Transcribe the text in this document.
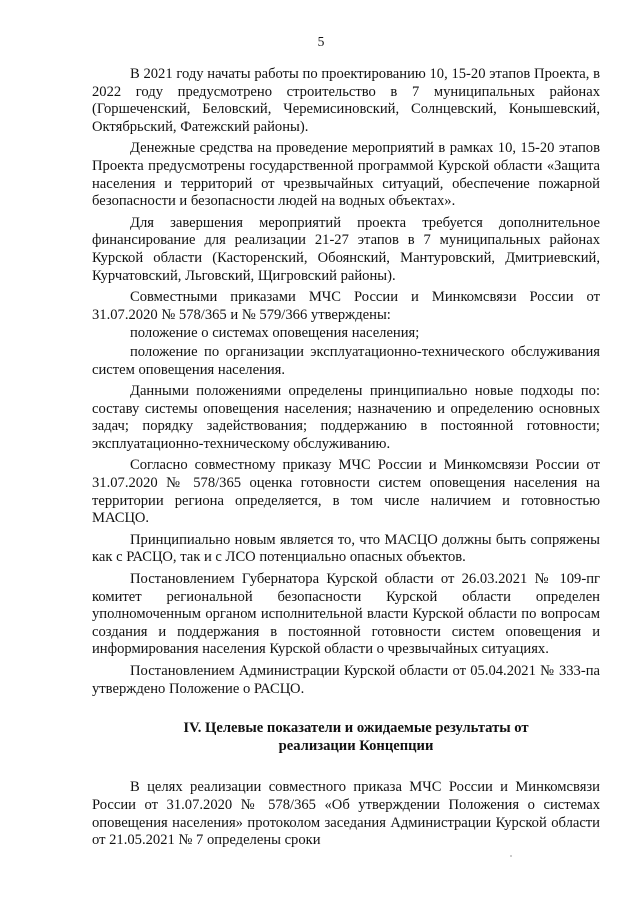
5

В 2021 году начаты работы по проектированию 10, 15-20 этапов Проекта, в 2022 году предусмотрено строительство в 7 муниципальных районах (Горшеченский, Беловский, Черемисиновский, Солнцевский, Конышевский, Октябрьский, Фатежский районы).

Денежные средства на проведение мероприятий в рамках 10, 15-20 этапов Проекта предусмотрены государственной программой Курской области «Защита населения и территорий от чрезвычайных ситуаций, обеспечение пожарной безопасности и безопасности людей на водных объектах».

Для завершения мероприятий проекта требуется дополнительное финансирование для реализации 21-27 этапов в 7 муниципальных районах Курской области (Касторенский, Обоянский, Мантуровский, Дмитриевский, Курчатовский, Льговский, Щигровский районы).

Совместными приказами МЧС России и Минкомсвязи России от 31.07.2020 № 578/365 и № 579/366 утверждены:

положение о системах оповещения населения;

положение по организации эксплуатационно-технического обслуживания систем оповещения населения.

Данными положениями определены принципиально новые подходы по: составу системы оповещения населения; назначению и определению основных задач; порядку задействования; поддержанию в постоянной готовности; эксплуатационно-техническому обслуживанию.

Согласно совместному приказу МЧС России и Минкомсвязи России от 31.07.2020 № 578/365 оценка готовности систем оповещения населения на территории региона определяется, в том числе наличием и готовностью МАСЦО.

Принципиально новым является то, что МАСЦО должны быть сопряжены как с РАСЦО, так и с ЛСО потенциально опасных объектов.

Постановлением Губернатора Курской области от 26.03.2021 № 109-пг комитет региональной безопасности Курской области определен уполномоченным органом исполнительной власти Курской области по вопросам создания и поддержания в постоянной готовности систем оповещения и информирования населения Курской области о чрезвычайных ситуациях.

Постановлением Администрации Курской области от 05.04.2021 № 333-па утверждено Положение о РАСЦО.

IV. Целевые показатели и ожидаемые результаты от
реализации Концепции

В целях реализации совместного приказа МЧС России и Минкомсвязи России от 31.07.2020 № 578/365 «Об утверждении Положения о системах оповещения населения» протоколом заседания Администрации Курской области от 21.05.2021 № 7 определены сроки
